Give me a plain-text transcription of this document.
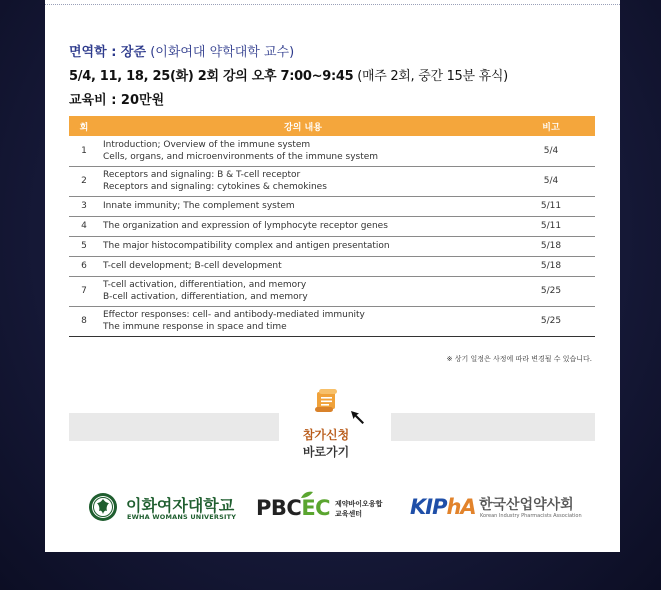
면역학 : 장준 (이화여대 약학대학 교수)
5/4, 11, 18, 25(화) 2회 강의 오후 7:00~9:45 (매주 2회, 중간 15분 휴식)
교육비 : 20만원
회	강의 내용	비고
1	Introduction; Overview of the immune system
Cells, organs, and microenvironments of the immune system	5/4
2	Receptors and signaling: B & T-cell receptor
Receptors and signaling: cytokines & chemokines	5/4
3	Innate immunity; The complement system	5/11
4	The organization and expression of lymphocyte receptor genes	5/11
5	The major histocompatibility complex and antigen presentation	5/18
6	T-cell development; B-cell development	5/18
7	T-cell activation, differentiation, and memory
B-cell activation, differentiation, and memory	5/25
8	Effector responses: cell- and antibody-mediated immunity
The immune response in space and time	5/25
※ 상기 일정은 사정에 따라 변경될 수 있습니다.
참가신청
바로가기
이화여자대학교
EWHA WOMANS UNIVERSITY PBCEC 제약바이오융합
교육센터 KIPhA 한국산업약사회
Korean Industry Pharmacists Association
